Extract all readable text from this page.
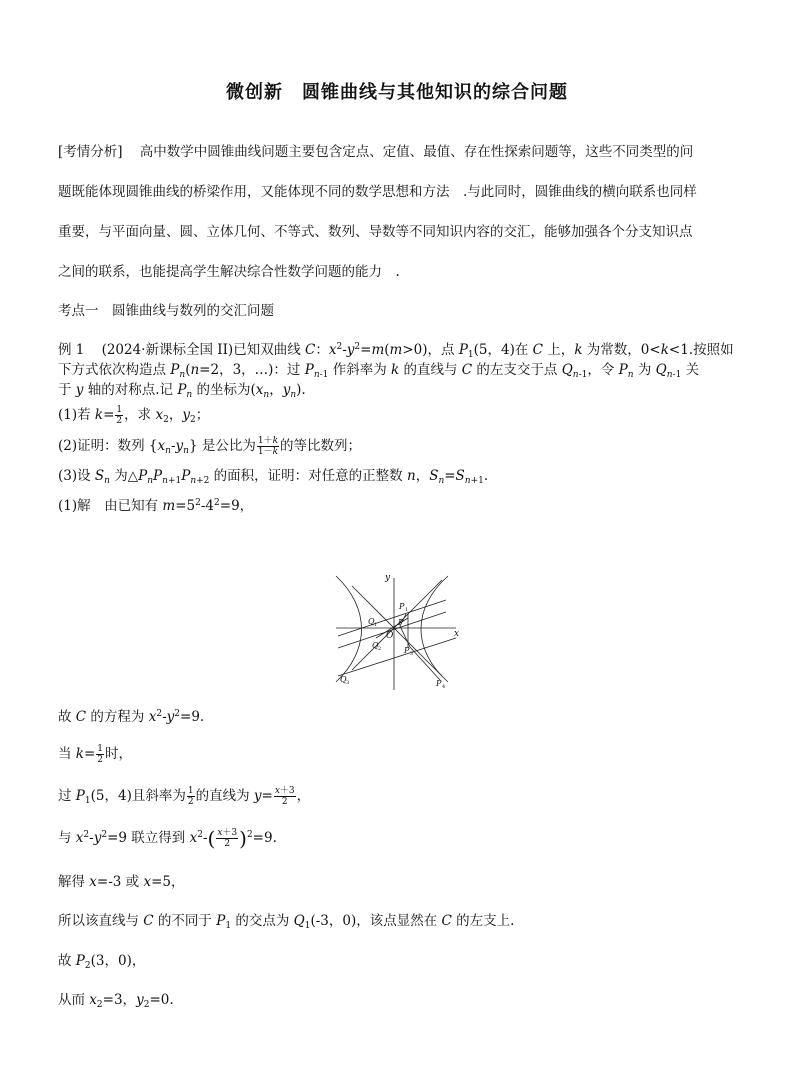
微创新　圆锥曲线与其他知识的综合问题
[考情分析] 高中数学中圆锥曲线问题主要包含定点、定值、最值、存在性探索问题等，这些不同类型的问
题既能体现圆锥曲线的桥梁作用，又能体现不同的数学思想和方法　.与此同时，圆锥曲线的横向联系也同样
重要，与平面向量、圆、立体几何、不等式、数列、导数等不同知识内容的交汇，能够加强各个分支知识点
之间的联系，也能提高学生解决综合性数学问题的能力　.
考点一　圆锥曲线与数列的交汇问题
例 1 (2024·新课标全国 II)已知双曲线 C：$x^2-y^2=m(m>0)$，点 $P_1(5$，4)在 C 上，k 为常数，0<k<1.按照如
下方式依次构造点 $P_n(n=2$，3，…)：过 $P_{n-1}$ 作斜率为 k 的直线与 C 的左支交于点 $Q_{n-1}$，令 $P_n$ 为 $Q_{n-1}$ 关
于 y 轴的对称点.记 $P_n$ 的坐标为($x_n$，$y_n$).
(1)若 $k= \frac{1}{2}$ ，求 $x_2$，$y_2$；
(2)证明：数列 $\{x_n-y_n\}$ 是公比为 $\frac{1+k}{1-k}$ 的等比数列；
(3)设 $S_n$ 为$\triangle P_nP_{n+1}P_{n+2}$ 的面积，证明：对任意的正整数 n，$S_n=S_{n+1}$.
(1)解　由已知有 $m=5^2-4^2=9$，
y
x
O
P
P 1
P 3
P 4
Q 1
Q 2
Q 3
故 C 的方程为 $x^2-y^2=9$.
当 $k= \frac{1}{2}$ 时，
过 $P_1(5$，4)且斜率为 $\frac{1}{2}$ 的直线为 $y= \frac{x+3}{2}$ ，
与 $x^2-y^2=9$ 联立得到 $x^2-( \frac{x+3}{2} )^2=9$.
解得 x=-3 或 x=5，
所以该直线与 C 的不同于 $P_1$ 的交点为 $Q_1(-3$，0)，该点显然在 C 的左支上.
故 $P_2(3$，0)，
从而 $x_2=3$，$y_2=0$.
